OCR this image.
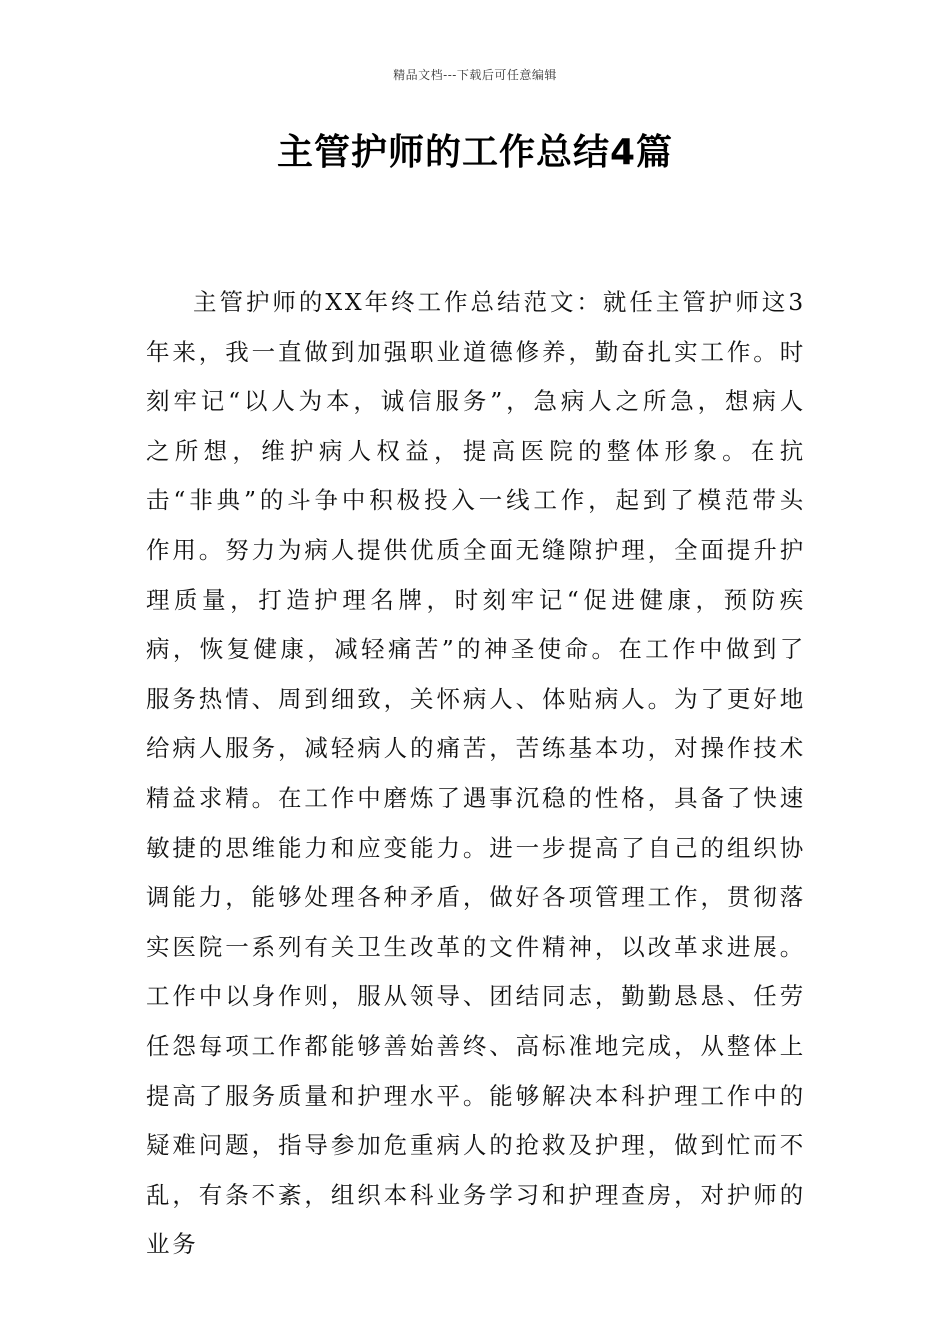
精品文档---下载后可任意编辑
主管护师的工作总结4篇

主管护师的XX年终工作总结范文：就任主管护师这3年来，我一直做到加强职业道德修养，勤奋扎实工作。时刻牢记“以人为本，诚信服务”，急病人之所急，想病人之所想，维护病人权益，提高医院的整体形象。在抗击“非典”的斗争中积极投入一线工作，起到了模范带头作用。努力为病人提供优质全面无缝隙护理，全面提升护理质量，打造护理名牌，时刻牢记“促进健康，预防疾病，恢复健康，减轻痛苦”的神圣使命。在工作中做到了服务热情、周到细致，关怀病人、体贴病人。为了更好地给病人服务，减轻病人的痛苦，苦练基本功，对操作技术精益求精。在工作中磨炼了遇事沉稳的性格，具备了快速敏捷的思维能力和应变能力。进一步提高了自己的组织协调能力，能够处理各种矛盾，做好各项管理工作，贯彻落实医院一系列有关卫生改革的文件精神，以改革求进展。工作中以身作则，服从领导、团结同志，勤勤恳恳、任劳任怨每项工作都能够善始善终、高标准地完成，从整体上提高了服务质量和护理水平。能够解决本科护理工作中的疑难问题，指导参加危重病人的抢救及护理，做到忙而不乱，有条不紊，组织本科业务学习和护理查房，对护师的业务
